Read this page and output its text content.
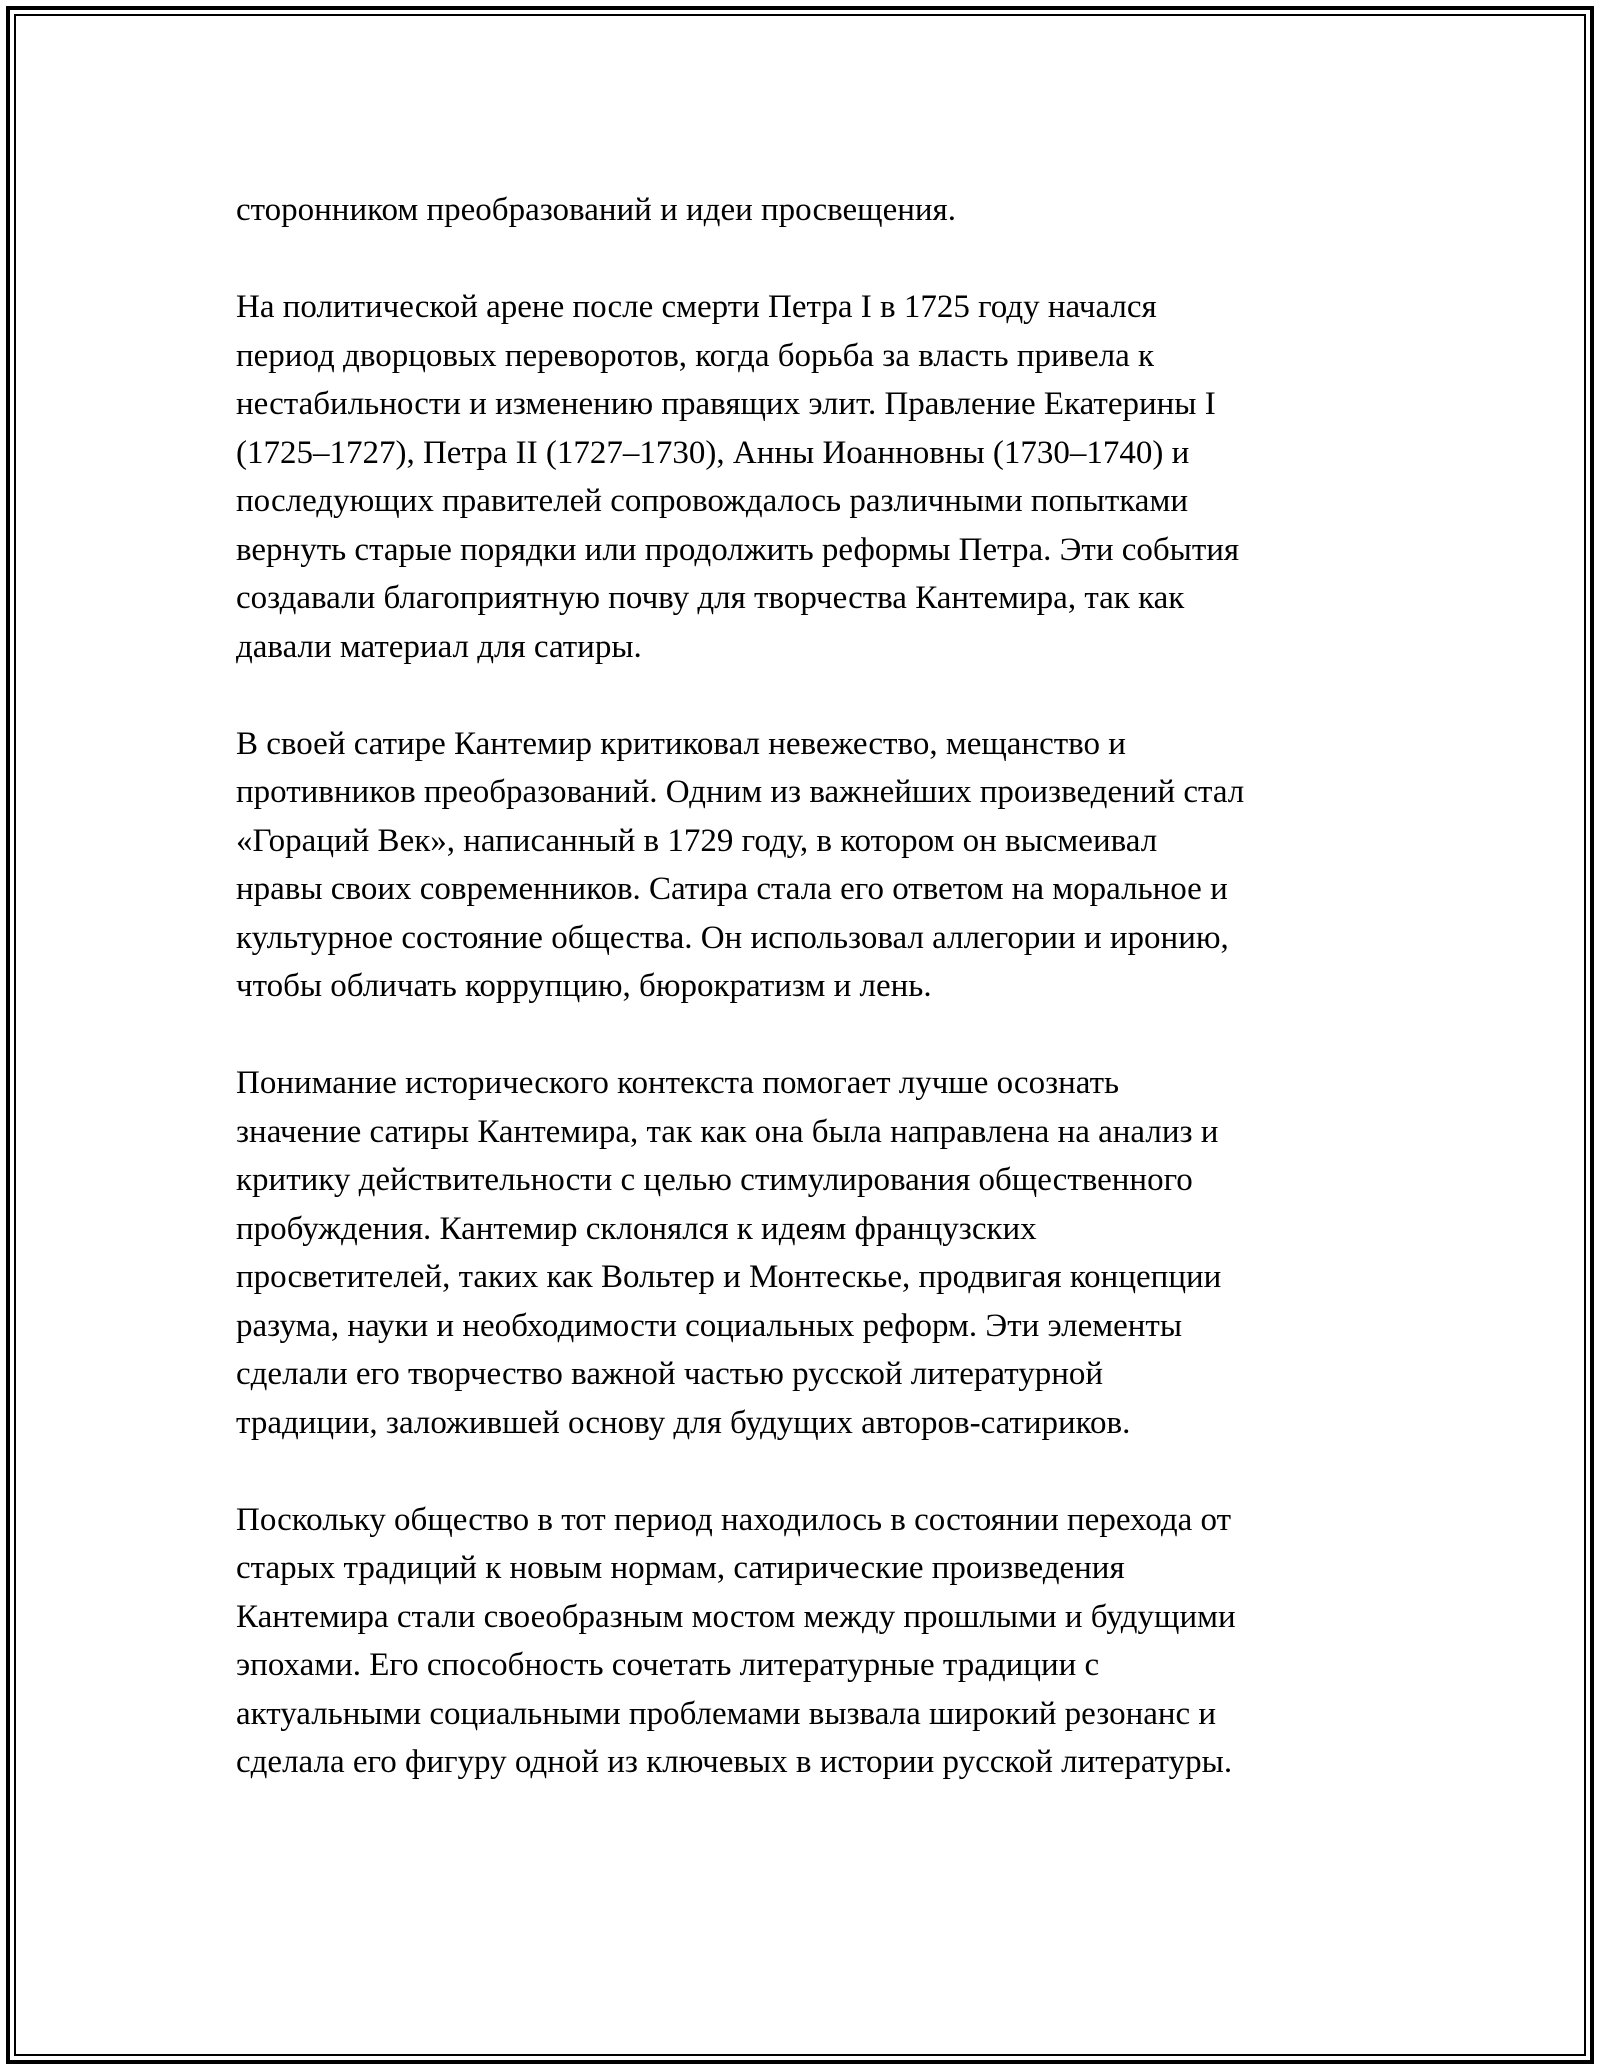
сторонником преобразований и идеи просвещения.

На политической арене после смерти Петра I в 1725 году начался
период дворцовых переворотов, когда борьба за власть привела к
нестабильности и изменению правящих элит. Правление Екатерины I
(1725–1727), Петра II (1727–1730), Анны Иоанновны (1730–1740) и
последующих правителей сопровождалось различными попытками
вернуть старые порядки или продолжить реформы Петра. Эти события
создавали благоприятную почву для творчества Кантемира, так как
давали материал для сатиры.

В своей сатире Кантемир критиковал невежество, мещанство и
противников преобразований. Одним из важнейших произведений стал
«Гораций Век», написанный в 1729 году, в котором он высмеивал
нравы своих современников. Сатира стала его ответом на моральное и
культурное состояние общества. Он использовал аллегории и иронию,
чтобы обличать коррупцию, бюрократизм и лень.

Понимание исторического контекста помогает лучше осознать
значение сатиры Кантемира, так как она была направлена на анализ и
критику действительности с целью стимулирования общественного
пробуждения. Кантемир склонялся к идеям французских
просветителей, таких как Вольтер и Монтескье, продвигая концепции
разума, науки и необходимости социальных реформ. Эти элементы
сделали его творчество важной частью русской литературной
традиции, заложившей основу для будущих авторов-сатириков.

Поскольку общество в тот период находилось в состоянии перехода от
старых традиций к новым нормам, сатирические произведения
Кантемира стали своеобразным мостом между прошлыми и будущими
эпохами. Его способность сочетать литературные традиции с
актуальными социальными проблемами вызвала широкий резонанс и
сделала его фигуру одной из ключевых в истории русской литературы.
